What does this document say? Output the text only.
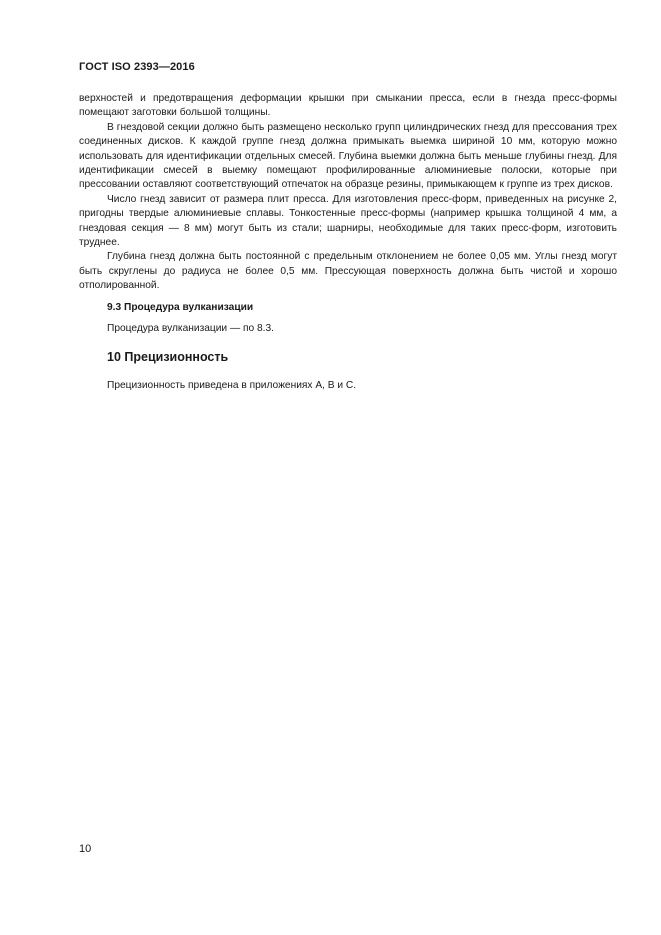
ГОСТ ISO 2393—2016

верхностей и предотвращения деформации крышки при смыкании пресса, если в гнезда пресс-формы помещают заготовки большой толщины.

В гнездовой секции должно быть размещено несколько групп цилиндрических гнезд для прессования трех соединенных дисков. К каждой группе гнезд должна примыкать выемка шириной 10 мм, которую можно использовать для идентификации отдельных смесей. Глубина выемки должна быть меньше глубины гнезд. Для идентификации смесей в выемку помещают профилированные алюминиевые полоски, которые при прессовании оставляют соответствующий отпечаток на образце резины, примыкающем к группе из трех дисков.

Число гнезд зависит от размера плит пресса. Для изготовления пресс-форм, приведенных на рисунке 2, пригодны твердые алюминиевые сплавы. Тонкостенные пресс-формы (например крышка толщиной 4 мм, а гнездовая секция — 8 мм) могут быть из стали; шарниры, необходимые для таких пресс-форм, изготовить труднее.

Глубина гнезд должна быть постоянной с предельным отклонением не более 0,05 мм. Углы гнезд могут быть скруглены до радиуса не более 0,5 мм. Прессующая поверхность должна быть чистой и хорошо отполированной.

9.3 Процедура вулканизации
Процедура вулканизации — по 8.3.
10 Прецизионность
Прецизионность приведена в приложениях А, В и С.
10
